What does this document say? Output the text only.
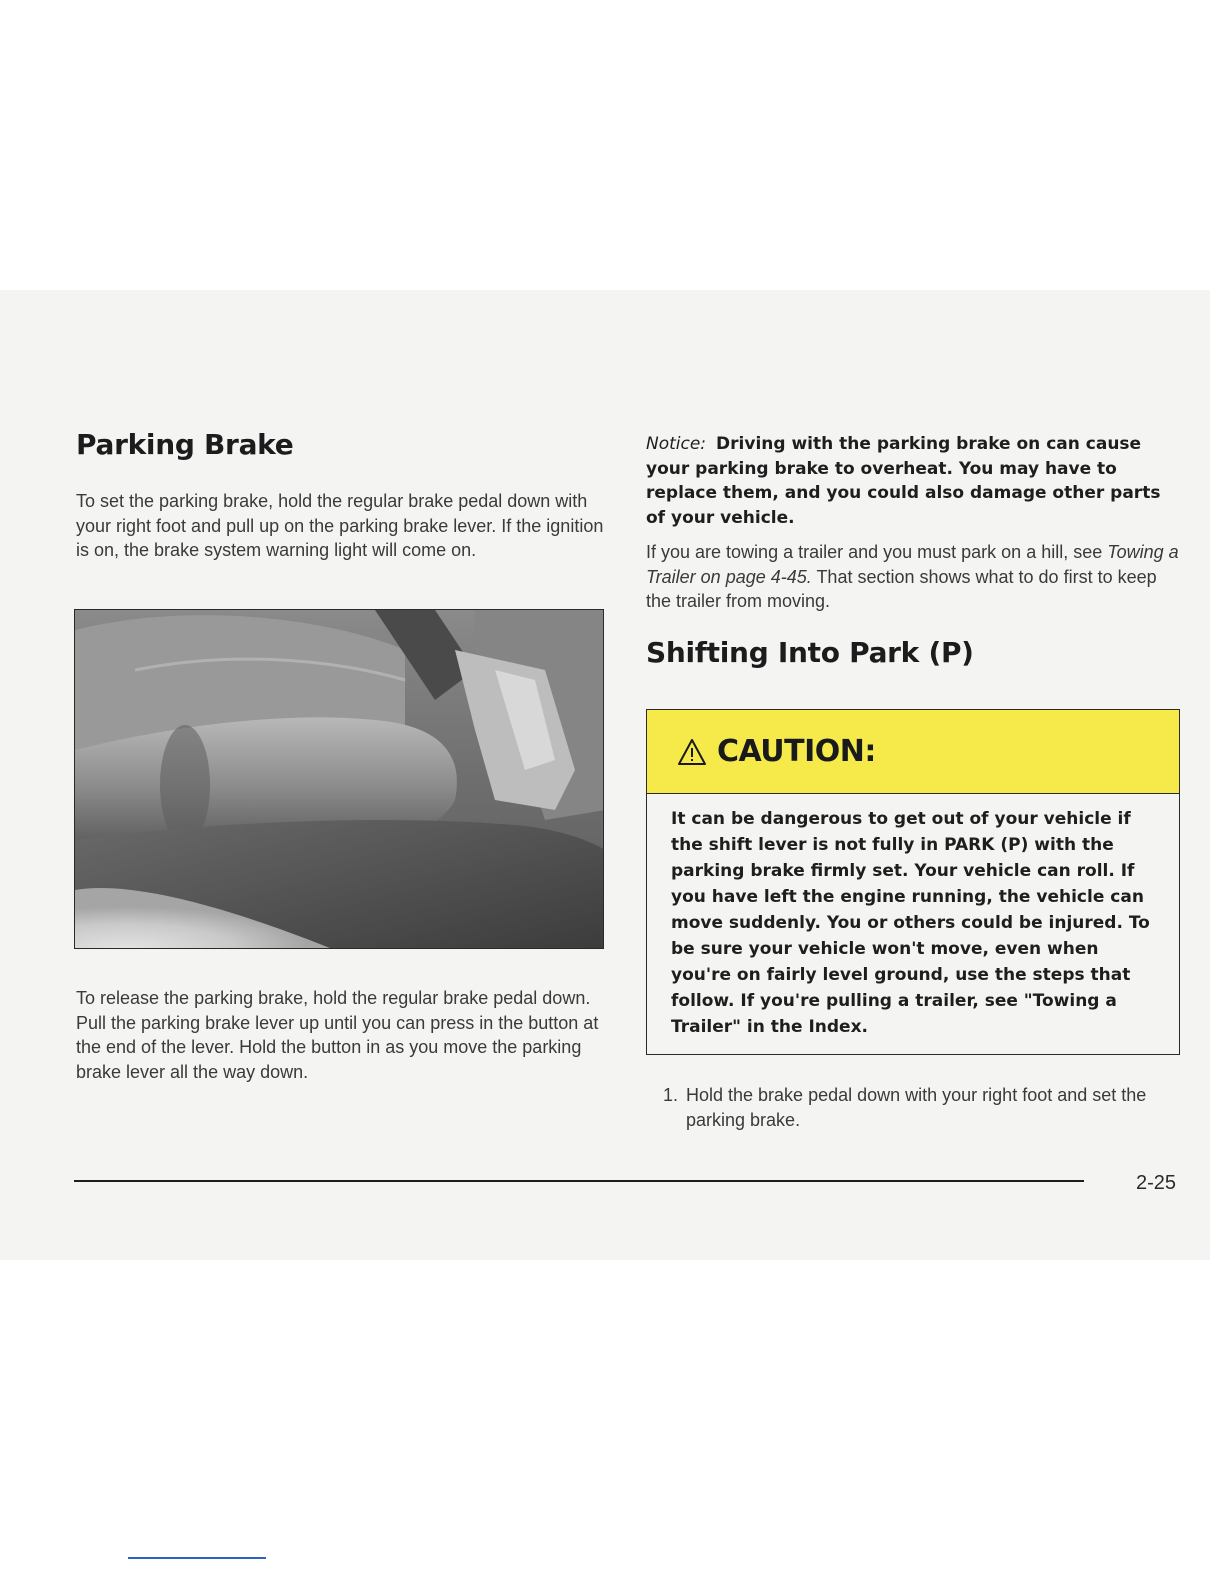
Parking Brake

To set the parking brake, hold the regular brake pedal down with your right foot and pull up on the parking brake lever. If the ignition is on, the brake system warning light will come on.

To release the parking brake, hold the regular brake pedal down. Pull the parking brake lever up until you can press in the button at the end of the lever. Hold the button in as you move the parking brake lever all the way down.

Notice: Driving with the parking brake on can cause your parking brake to overheat. You may have to replace them, and you could also damage other parts of your vehicle.

If you are towing a trailer and you must park on a hill, see Towing a Trailer on page 4-45. That section shows what to do first to keep the trailer from moving.

Shifting Into Park (P)
CAUTION:
It can be dangerous to get out of your vehicle if the shift lever is not fully in PARK (P) with the parking brake firmly set. Your vehicle can roll. If you have left the engine running, the vehicle can move suddenly. You or others could be injured. To be sure your vehicle won't move, even when you're on fairly level ground, use the steps that follow. If you're pulling a trailer, see "Towing a Trailer" in the Index.
1. Hold the brake pedal down with your right foot and set the parking brake.
2-25
